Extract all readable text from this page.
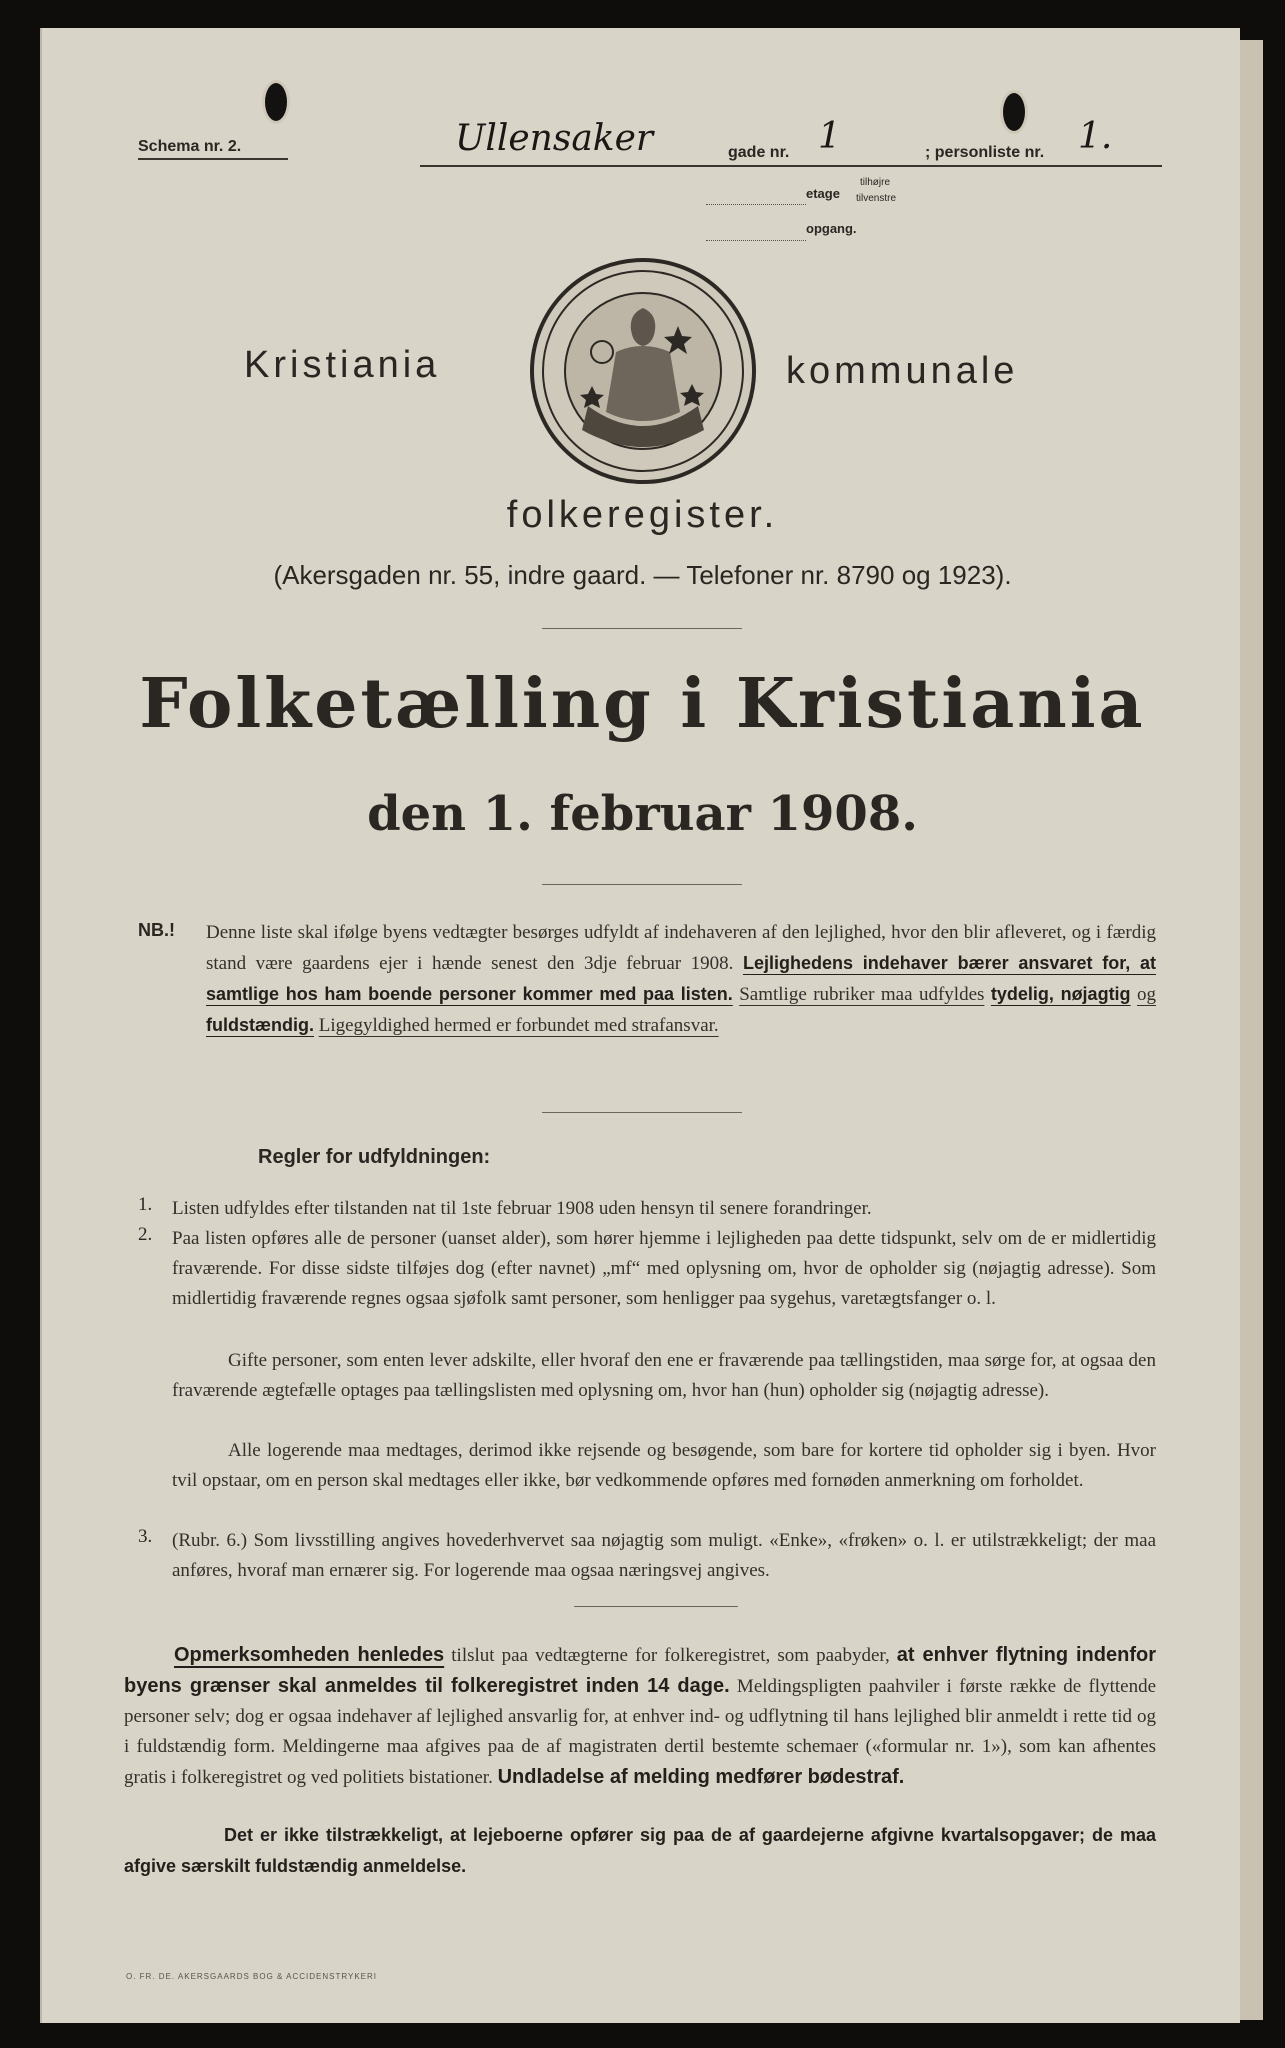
Schema nr. 2.	Ullensaker	gade nr. 1	; personliste nr. 1.
etage
tilhøjre
tilvenstre
opgang.
Kristiania	kommunale
folkeregister.
(Akersgaden nr. 55, indre gaard. — Telefoner nr. 8790 og 1923).
Folketælling i Kristiania
den 1. februar 1908.
NB.! Denne liste skal ifølge byens vedtægter besørges udfyldt af indehaveren af den lejlighed, hvor den blir afleveret, og i færdig stand være gaardens ejer i hænde senest den 3dje februar 1908. Lejlighedens indehaver bærer ansvaret for, at samtlige hos ham boende personer kommer med paa listen. Samtlige rubriker maa udfyldes tydelig, nøjagtig og fuldstændig. Ligegyldighed hermed er forbundet med strafansvar.
Regler for udfyldningen:
1. Listen udfyldes efter tilstanden nat til 1ste februar 1908 uden hensyn til senere forandringer.
2. Paa listen opføres alle de personer (uanset alder), som hører hjemme i lejligheden paa dette tidspunkt, selv om de er midlertidig fraværende. For disse sidste tilføjes dog (efter navnet) „mf“ med oplysning om, hvor de opholder sig (nøjagtig adresse). Som midlertidig fraværende regnes ogsaa sjøfolk samt personer, som henligger paa sygehus, varetægtsfanger o. l.
Gifte personer, som enten lever adskilte, eller hvoraf den ene er fraværende paa tællingstiden, maa sørge for, at ogsaa den fraværende ægtefælle optages paa tællingslisten med oplysning om, hvor han (hun) opholder sig (nøjagtig adresse).
Alle logerende maa medtages, derimod ikke rejsende og besøgende, som bare for kortere tid opholder sig i byen. Hvor tvil opstaar, om en person skal medtages eller ikke, bør vedkommende opføres med fornøden anmerkning om forholdet.
3. (Rubr. 6.) Som livsstilling angives hovederhvervet saa nøjagtig som muligt. «Enke», «frøken» o. l. er utilstrækkeligt; der maa anføres, hvoraf man ernærer sig. For logerende maa ogsaa næringsvej angives.
Opmerksomheden henledes tilslut paa vedtægterne for folkeregistret, som paabyder, at enhver flytning indenfor byens grænser skal anmeldes til folkeregistret inden 14 dage. Meldingspligten paahviler i første række de flyttende personer selv; dog er ogsaa indehaver af lejlighed ansvarlig for, at enhver ind- og udflytning til hans lejlighed blir anmeldt i rette tid og i fuldstændig form. Meldingerne maa afgives paa de af magistraten dertil bestemte schemaer («formular nr. 1»), som kan afhentes gratis i folkeregistret og ved politiets bistationer. Undladelse af melding medfører bødestraf.
Det er ikke tilstrækkeligt, at lejeboerne opfører sig paa de af gaardejerne afgivne kvartalsopgaver; de maa afgive særskilt fuldstændig anmeldelse.
O. FR. DE. AKERSGAARDS BOG & ACCIDENSTRYKERI
